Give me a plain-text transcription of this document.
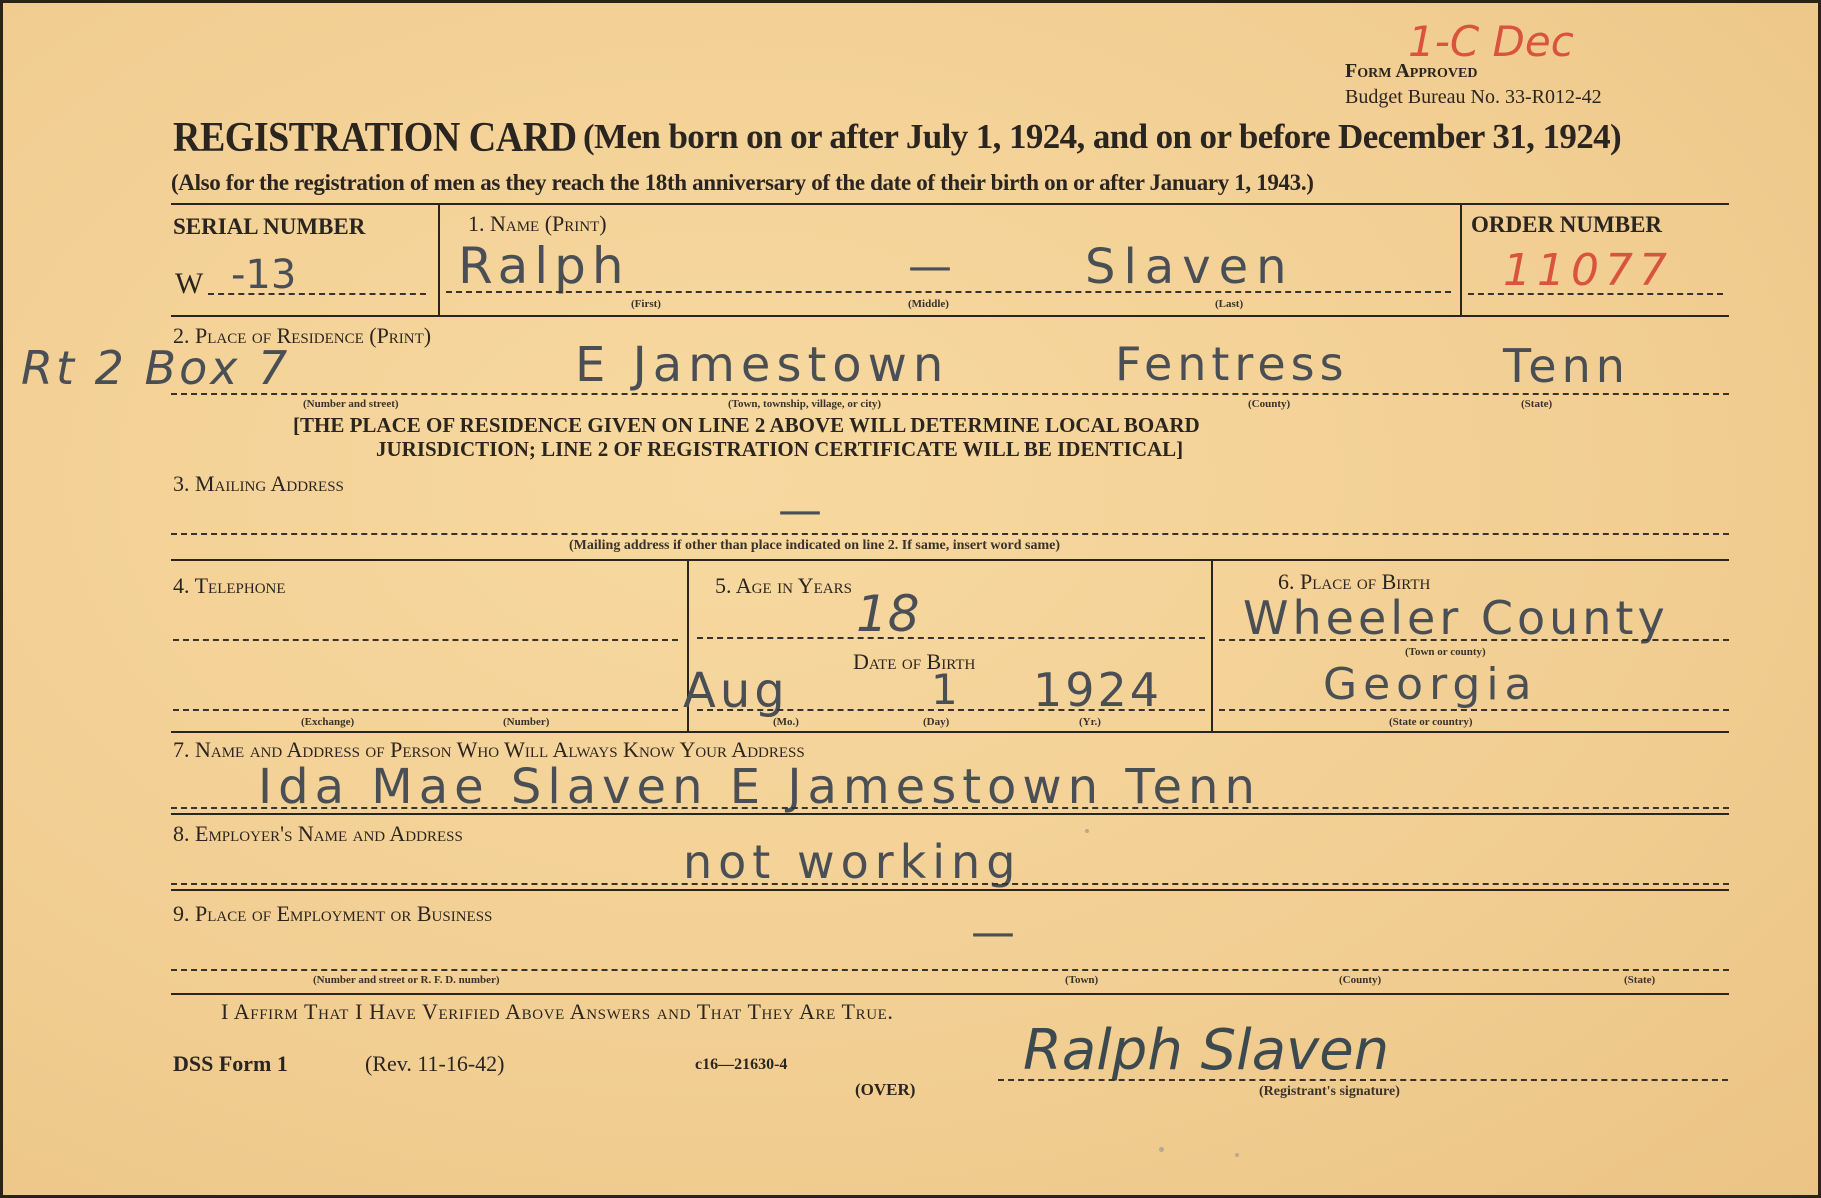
1-C Dec
Form Approved
Budget Bureau No. 33-R012-42
REGISTRATION CARD (Men born on or after July 1, 1924, and on or before December 31, 1924)
(Also for the registration of men as they reach the 18th anniversary of the date of their birth on or after January 1, 1943.)
SERIAL NUMBER
W -13
1. Name (Print)
Ralph	—	Slaven
(First)	(Middle)	(Last)
ORDER NUMBER
11077
2. Place of Residence (Print)
Rt 2 Box 7	E Jamestown	Fentress	Tenn
(Number and street)	(Town, township, village, or city)	(County)	(State)
[THE PLACE OF RESIDENCE GIVEN ON LINE 2 ABOVE WILL DETERMINE LOCAL BOARD
JURISDICTION; LINE 2 OF REGISTRATION CERTIFICATE WILL BE IDENTICAL]
3. Mailing Address
—
(Mailing address if other than place indicated on line 2. If same, insert word same)
4. Telephone
(Exchange)	(Number)
5. Age in Years 18
Date of Birth
Aug	1 1924
(Mo.)	(Day)	(Yr.)
6. Place of Birth
Wheeler County
(Town or county)
Georgia
(State or country)
7. Name and Address of Person Who Will Always Know Your Address
Ida Mae Slaven E Jamestown Tenn
8. Employer's Name and Address
not working
9. Place of Employment or Business	—
(Number and street or R. F. D. number)	(Town)	(County)	(State)
I Affirm That I Have Verified Above Answers and That They Are True.
Ralph Slaven
(Registrant's signature)
DSS Form 1	(Rev. 11-16-42)	c16—21630-4
(OVER)
